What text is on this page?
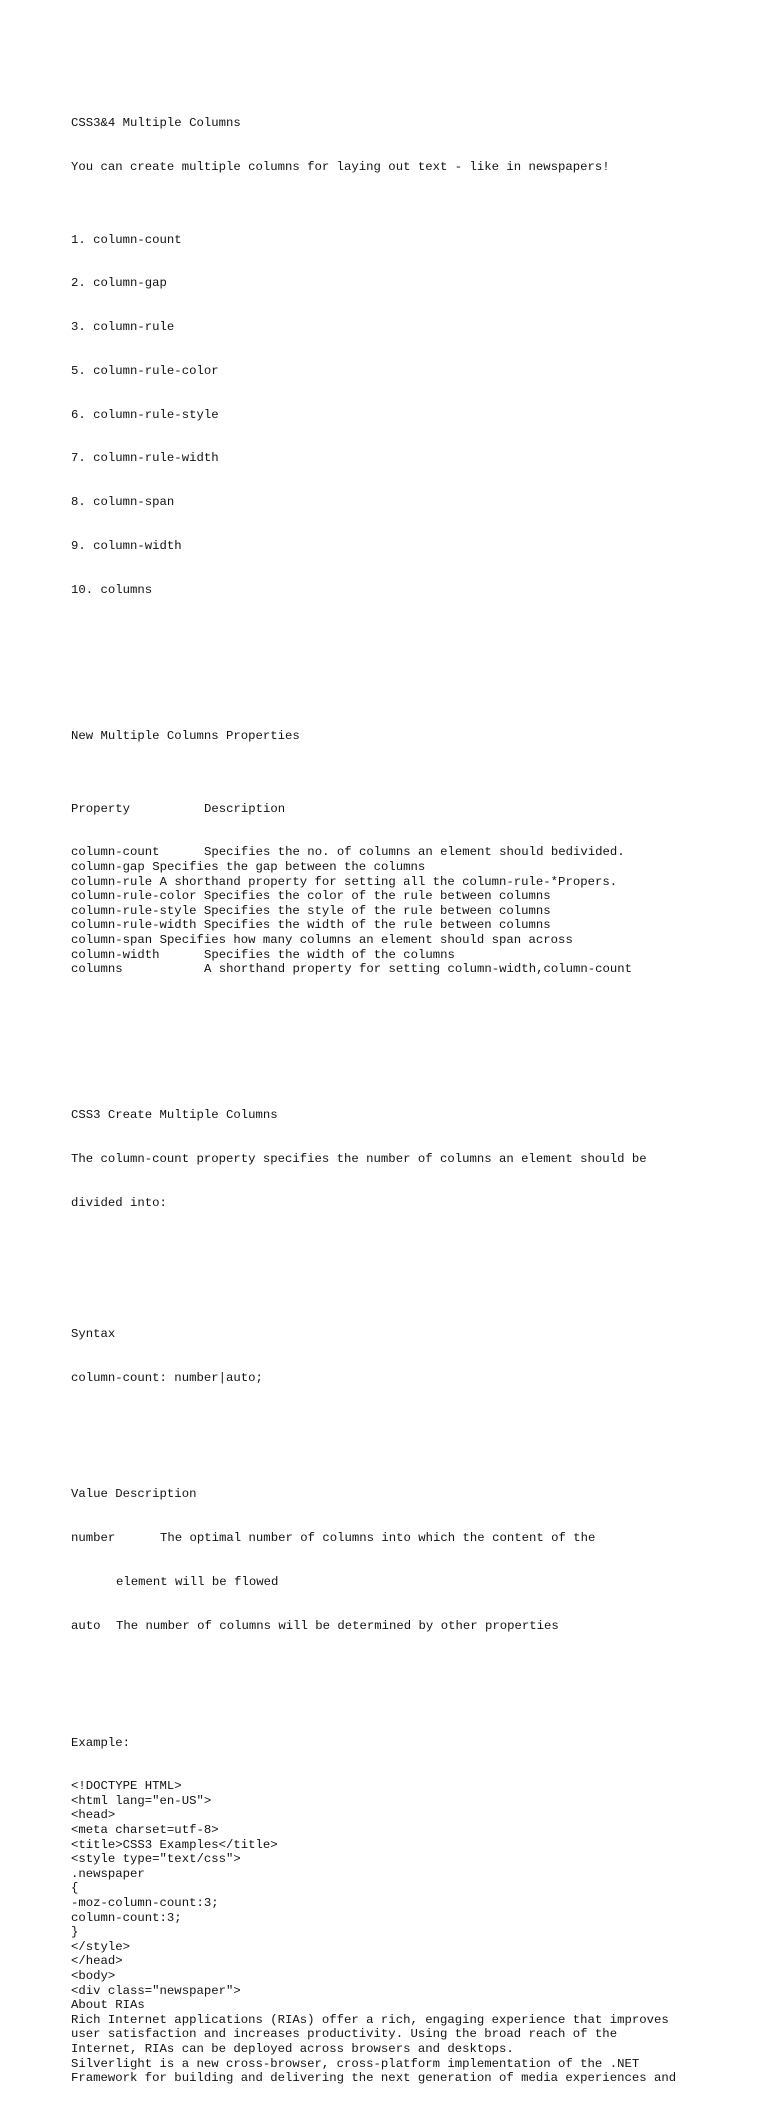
CSS3&4 Multiple Columns

You can create multiple columns for laying out text - like in newspapers!

1. column-count

2. column-gap

3. column-rule

5. column-rule-color

6. column-rule-style

7. column-rule-width

8. column-span

9. column-width

10. columns

New Multiple Columns Properties

Property	Description

column-count	Specifies the no. of columns an element should bedivided.
column-gap Specifies the gap between the columns
column-rule A shorthand property for setting all the column-rule-*Propers.
column-rule-color Specifies the color of the rule between columns
column-rule-style Specifies the style of the rule between columns
column-rule-width Specifies the width of the rule between columns
column-span Specifies how many columns an element should span across
column-width	Specifies the width of the columns
columns	A shorthand property for setting column-width,column-count

CSS3 Create Multiple Columns

The column-count property specifies the number of columns an element should be

divided into:

Syntax

column-count: number|auto;

Value Description

number	The optimal number of columns into which the content of the

element will be flowed

auto The number of columns will be determined by other properties

Example:

<!DOCTYPE HTML>
<html lang="en-US">
<head>
<meta charset=utf-8>
<title>CSS3 Examples</title>
<style type="text/css">
.newspaper
{
-moz-column-count:3;
column-count:3;
}
</style>
</head>
<body>
<div class="newspaper">
About RIAs
Rich Internet applications (RIAs) offer a rich, engaging experience that improves
user satisfaction and increases productivity. Using the broad reach of the
Internet, RIAs can be deployed across browsers and desktops.
Silverlight is a new cross-browser, cross-platform implementation of the .NET
Framework for building and delivering the next generation of media experiences and
